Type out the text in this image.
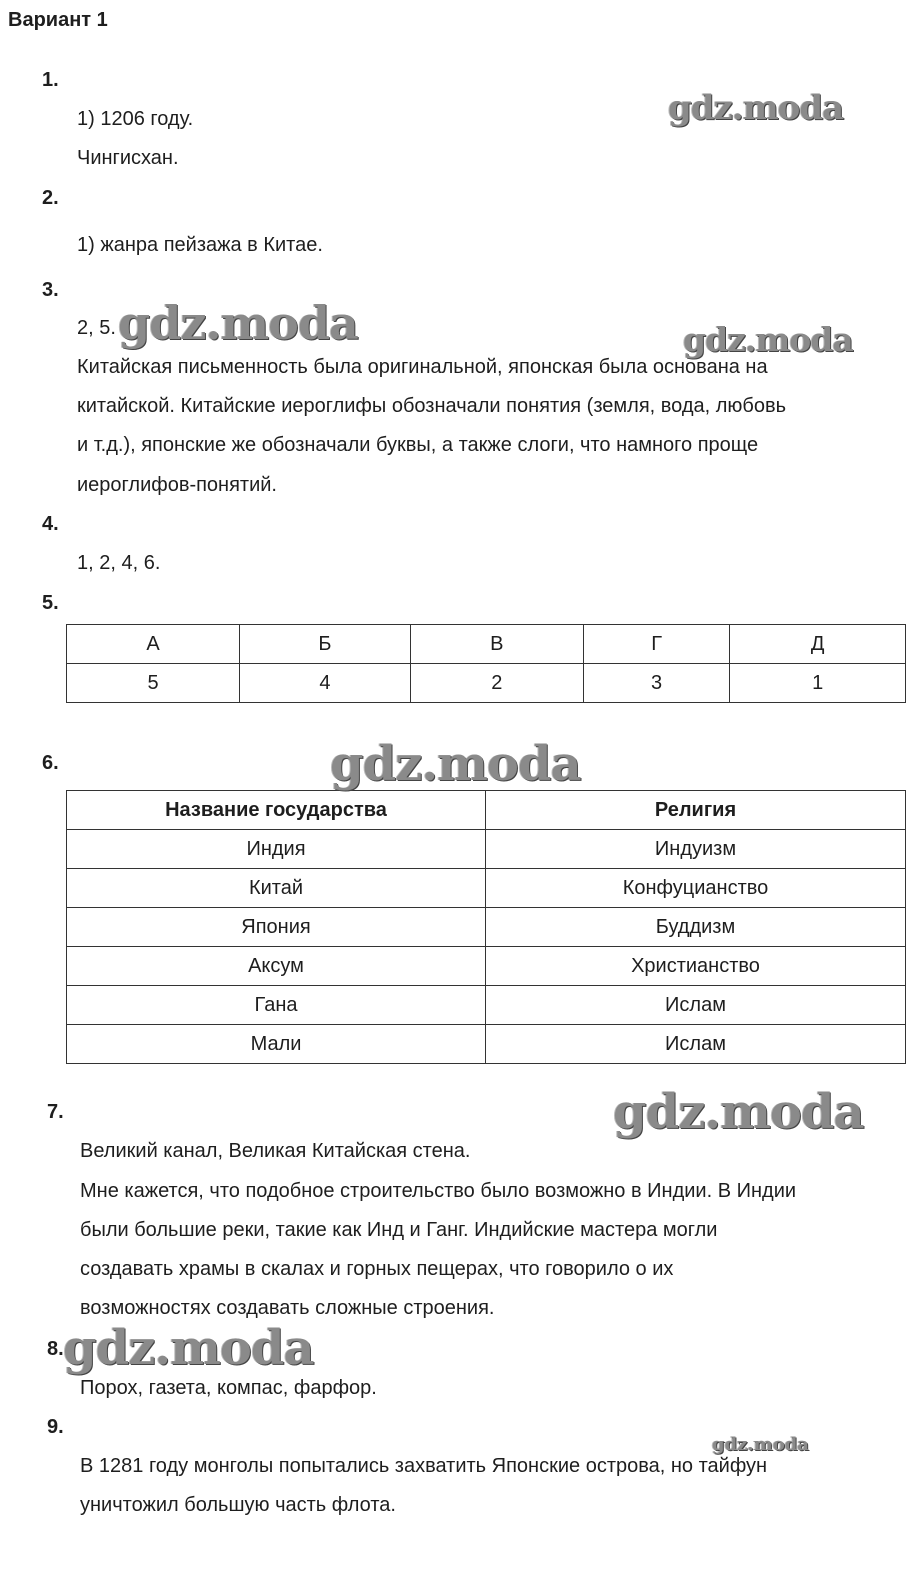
Вариант 1
1.
1) 1206 году.
Чингисхан.
2.
1) жанра пейзажа в Китае.
3.
2, 5.
Китайская письменность была оригинальной, японская была основана на
китайской. Китайские иероглифы обозначали понятия (земля, вода, любовь
и т.д.), японские же обозначали буквы, а также слоги, что намного проще
иероглифов-понятий.
4.
1, 2, 4, 6.
5.
А	Б	В	Г	Д
5	4	2	3	1
6.
Название государства	Религия
Индия	Индуизм
Китай	Конфуцианство
Япония	Буддизм
Аксум	Христианство
Гана	Ислам
Мали	Ислам
7.
Великий канал, Великая Китайская стена.
Мне кажется, что подобное строительство было возможно в Индии. В Индии
были большие реки, такие как Инд и Ганг. Индийские мастера могли
создавать храмы в скалах и горных пещерах, что говорило о их
возможностях создавать сложные строения.
8.
Порох, газета, компас, фарфор.
9.
В 1281 году монголы попытались захватить Японские острова, но тайфун
уничтожил большую часть флота.
gdz.moda
gdz.moda	gdz.moda
gdz.moda
gdz.moda
gdz.moda
gdz.moda
